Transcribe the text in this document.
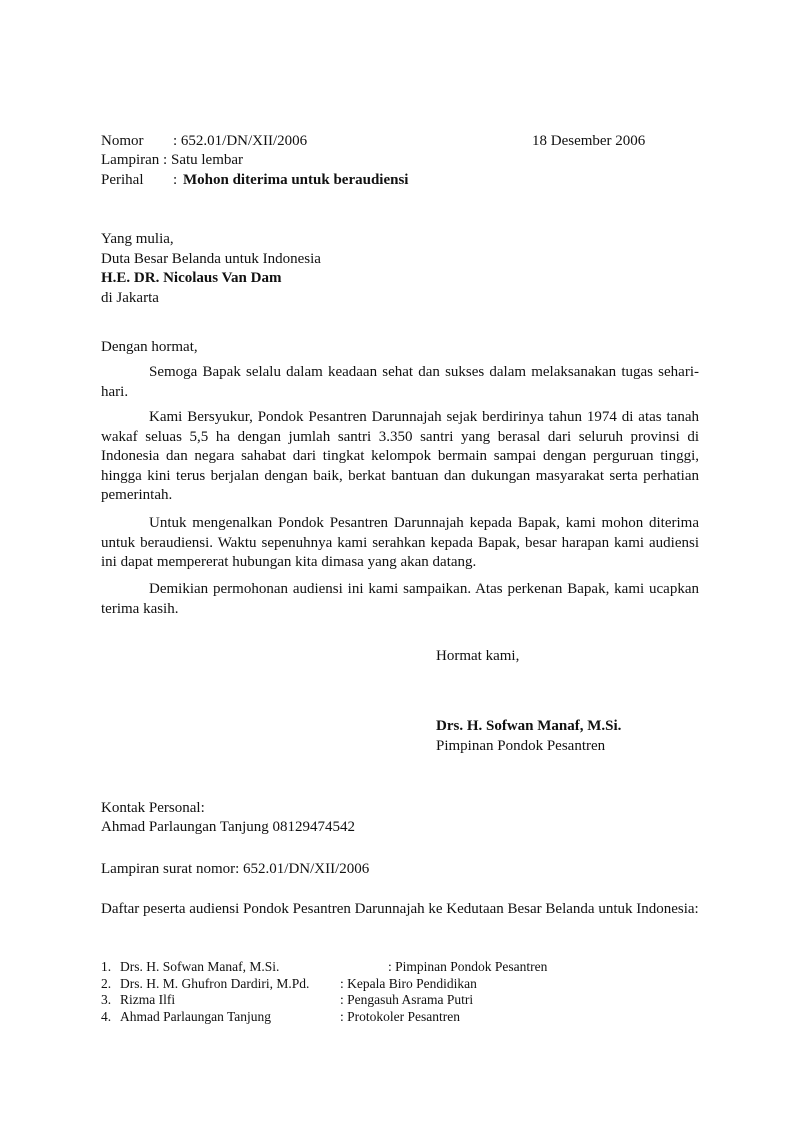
Nomor : 652.01/DN/XII/2006	18 Desember 2006
Lampiran : Satu lembar
Perihal : Mohon diterima untuk beraudiensi
Yang mulia,
Duta Besar Belanda untuk Indonesia
H.E. DR. Nicolaus Van Dam
di Jakarta
Dengan hormat,
Semoga Bapak selalu dalam keadaan sehat dan sukses dalam melaksanakan tugas sehari-hari.
Kami Bersyukur, Pondok Pesantren Darunnajah sejak berdirinya tahun 1974 di atas tanah wakaf seluas 5,5 ha dengan jumlah santri 3.350 santri yang berasal dari seluruh provinsi di Indonesia dan negara sahabat dari tingkat kelompok bermain sampai dengan perguruan tinggi, hingga kini terus berjalan dengan baik, berkat bantuan dan dukungan masyarakat serta perhatian pemerintah.
Untuk mengenalkan Pondok Pesantren Darunnajah kepada Bapak, kami mohon diterima untuk beraudiensi. Waktu sepenuhnya kami serahkan kepada Bapak, besar harapan kami audiensi ini dapat mempererat hubungan kita dimasa yang akan datang.
Demikian permohonan audiensi ini kami sampaikan. Atas perkenan Bapak, kami ucapkan terima kasih.
Hormat kami,
Drs. H. Sofwan Manaf, M.Si.
Pimpinan Pondok Pesantren
Kontak Personal:
Ahmad Parlaungan Tanjung 08129474542
Lampiran surat nomor: 652.01/DN/XII/2006
Daftar peserta audiensi Pondok Pesantren Darunnajah ke Kedutaan Besar Belanda untuk Indonesia:
1. Drs. H. Sofwan Manaf, M.Si.	: Pimpinan Pondok Pesantren
2. Drs. H. M. Ghufron Dardiri, M.Pd. : Kepala Biro Pendidikan
3. Rizma Ilfi	: Pengasuh Asrama Putri
4. Ahmad Parlaungan Tanjung	: Protokoler Pesantren
